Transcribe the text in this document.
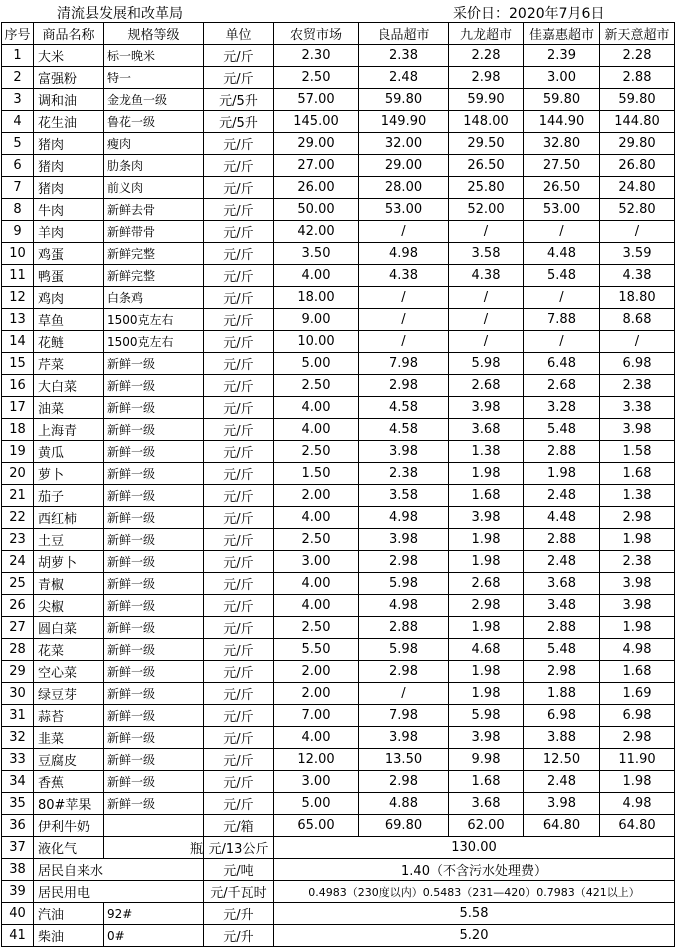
清流县发展和改革局	采价日：2020年7月6日
序号	商品名称	规格等级	单位	农贸市场	良品超市	九龙超市	佳嘉惠超市	新天意超市
1	大米	标一晚米	元/斤	2.30	2.38	2.28	2.39	2.28
2	富强粉	特一	元/斤	2.50	2.48	2.98	3.00	2.88
3	调和油	金龙鱼一级	元/5升	57.00	59.80	59.90	59.80	59.80
4	花生油	鲁花一级	元/5升	145.00	149.90	148.00	144.90	144.80
5	猪肉	瘦肉	元/斤	29.00	32.00	29.50	32.80	29.80
6	猪肉	肋条肉	元/斤	27.00	29.00	26.50	27.50	26.80
7	猪肉	前义肉	元/斤	26.00	28.00	25.80	26.50	24.80
8	牛肉	新鲜去骨	元/斤	50.00	53.00	52.00	53.00	52.80
9	羊肉	新鲜带骨	元/斤	42.00	/	/	/	/
10	鸡蛋	新鲜完整	元/斤	3.50	4.98	3.58	4.48	3.59
11	鸭蛋	新鲜完整	元/斤	4.00	4.38	4.38	5.48	4.38
12	鸡肉	白条鸡	元/斤	18.00	/	/	/	18.80
13	草鱼	1500克左右	元/斤	9.00	/	/	7.88	8.68
14	花鲢	1500克左右	元/斤	10.00	/	/	/	/
15	芹菜	新鲜一级	元/斤	5.00	7.98	5.98	6.48	6.98
16	大白菜	新鲜一级	元/斤	2.50	2.98	2.68	2.68	2.38
17	油菜	新鲜一级	元/斤	4.00	4.58	3.98	3.28	3.38
18	上海青	新鲜一级	元/斤	4.00	4.58	3.68	5.48	3.98
19	黄瓜	新鲜一级	元/斤	2.50	3.98	1.38	2.88	1.58
20	萝卜	新鲜一级	元/斤	1.50	2.38	1.98	1.98	1.68
21	茄子	新鲜一级	元/斤	2.00	3.58	1.68	2.48	1.38
22	西红柿	新鲜一级	元/斤	4.00	4.98	3.98	4.48	2.98
23	土豆	新鲜一级	元/斤	2.50	3.98	1.98	2.88	1.98
24	胡萝卜	新鲜一级	元/斤	3.00	2.98	1.98	2.48	2.38
25	青椒	新鲜一级	元/斤	4.00	5.98	2.68	3.68	3.98
26	尖椒	新鲜一级	元/斤	4.00	4.98	2.98	3.48	3.98
27	圆白菜	新鲜一级	元/斤	2.50	2.88	1.98	2.88	1.98
28	花菜	新鲜一级	元/斤	5.50	5.98	4.68	5.48	4.98
29	空心菜	新鲜一级	元/斤	2.00	2.98	1.98	2.98	1.68
30	绿豆芽	新鲜一级	元/斤	2.00	/	1.98	1.88	1.69
31	蒜苔	新鲜一级	元/斤	7.00	7.98	5.98	6.98	6.98
32	韭菜	新鲜一级	元/斤	4.00	3.98	3.98	3.88	2.98
33	豆腐皮	新鲜一级	元/斤	12.00	13.50	9.98	12.50	11.90
34	香蕉	新鲜一级	元/斤	3.00	2.98	1.68	2.48	1.98
35	80#苹果	新鲜一级	元/斤	5.00	4.88	3.68	3.98	4.98
36	伊利牛奶		元/箱	65.00	69.80	62.00	64.80	64.80
37	液化气	瓶	元/13公斤	130.00				
38	居民自来水		元/吨	1.40（不含污水处理费）				
39	居民用电		元/千瓦时	0.4983（230度以内）0.5483（231—420）0.7983（421以上）				
40	汽油	92#	元/升	5.58				
41	柴油	0#	元/升	5.20				
